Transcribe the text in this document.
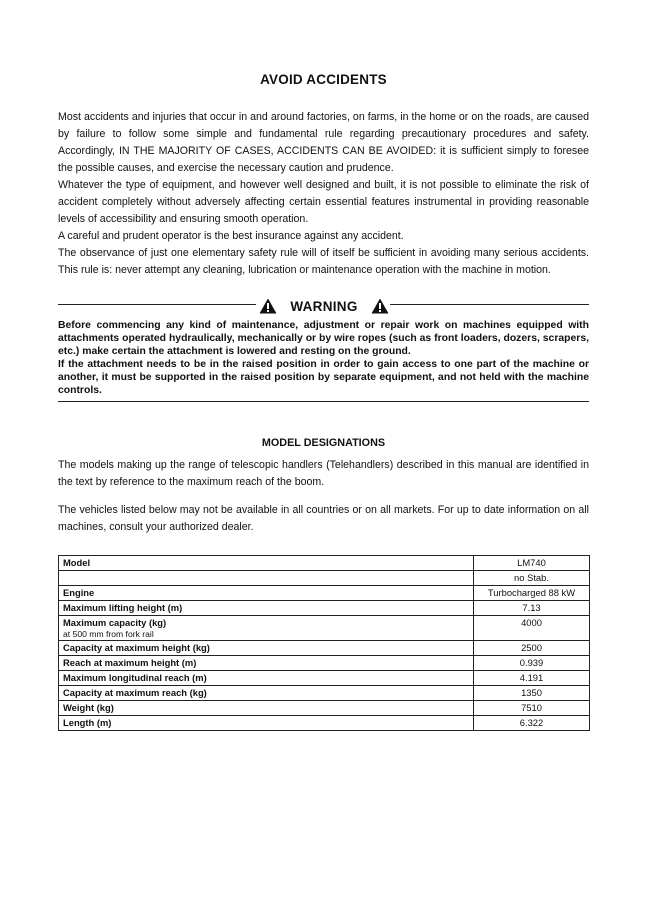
AVOID ACCIDENTS

Most accidents and injuries that occur in and around factories, on farms, in the home or on the roads, are caused by failure to follow some simple and fundamental rule regarding precautionary procedures and safety. Accordingly, IN THE MAJORITY OF CASES, ACCIDENTS CAN BE AVOIDED: it is sufficient simply to foresee the possible causes, and exercise the necessary caution and prudence.

Whatever the type of equipment, and however well designed and built, it is not possible to eliminate the risk of accident completely without adversely affecting certain essential features instrumental in providing reasonable levels of accessibility and ensuring smooth operation.

A careful and prudent operator is the best insurance against any accident.

The observance of just one elementary safety rule will of itself be sufficient in avoiding many serious accidents. This rule is: never attempt any cleaning, lubrication or maintenance operation with the machine in motion.

WARNING

Before commencing any kind of maintenance, adjustment or repair work on machines equipped with attachments operated hydraulically, mechanically or by wire ropes (such as front loaders, dozers, scrapers, etc.) make certain the attachment is lowered and resting on the ground.

If the attachment needs to be in the raised position in order to gain access to one part of the machine or another, it must be supported in the raised position by separate equipment, and not held with the machine controls.

MODEL DESIGNATIONS

The models making up the range of telescopic handlers (Telehandlers) described in this manual are identified in the text by reference to the maximum reach of the boom.

The vehicles listed below may not be available in all countries or on all markets. For up to date information on all machines, consult your authorized dealer.

Model	LM740
	no Stab.
Engine	Turbocharged 88 kW
Maximum lifting height (m)	7.13
Maximum capacity (kg)
at 500 mm from fork rail	4000
Capacity at maximum height (kg)	2500
Reach at maximum height (m)	0.939
Maximum longitudinal reach (m)	4.191
Capacity at maximum reach (kg)	1350
Weight (kg)	7510
Length (m)	6.322
